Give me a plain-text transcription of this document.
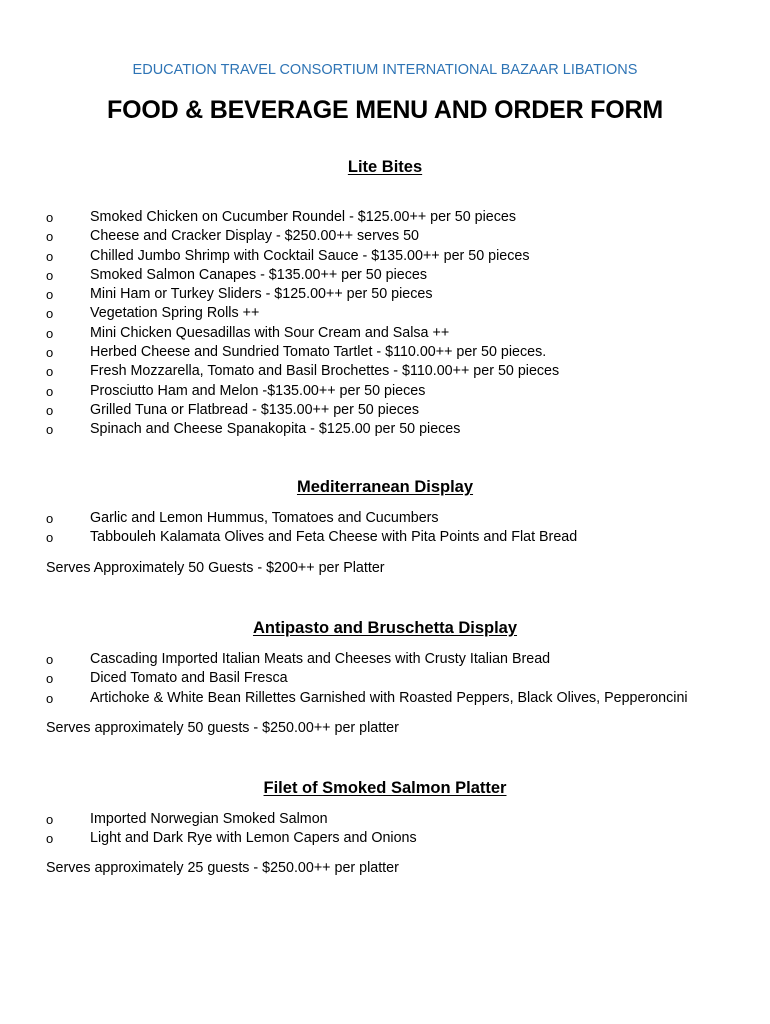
EDUCATION TRAVEL CONSORTIUM INTERNATIONAL BAZAAR LIBATIONS
FOOD & BEVERAGE MENU AND ORDER FORM
Lite Bites
o	Smoked Chicken on Cucumber Roundel - $125.00++ per 50 pieces
o	Cheese and Cracker Display - $250.00++ serves 50
o	Chilled Jumbo Shrimp with Cocktail Sauce - $135.00++ per 50 pieces
o	Smoked Salmon Canapes - $135.00++ per 50 pieces
o	Mini Ham or Turkey Sliders - $125.00++ per 50 pieces
o	Vegetation Spring Rolls ++
o	Mini Chicken Quesadillas with Sour Cream and Salsa ++
o	Herbed Cheese and Sundried Tomato Tartlet - $110.00++ per 50 pieces.
o	Fresh Mozzarella, Tomato and Basil Brochettes - $110.00++ per 50 pieces
o	Prosciutto Ham and Melon -$135.00++ per 50 pieces
o	Grilled Tuna or Flatbread - $135.00++ per 50 pieces
o	Spinach and Cheese Spanakopita - $125.00 per 50 pieces
Mediterranean Display
o	Garlic and Lemon Hummus, Tomatoes and Cucumbers
o	Tabbouleh Kalamata Olives and Feta Cheese with Pita Points and Flat Bread
Serves Approximately 50 Guests - $200++ per Platter
Antipasto and Bruschetta Display
o	Cascading Imported Italian Meats and Cheeses with Crusty Italian Bread
o	Diced Tomato and Basil Fresca
o	Artichoke & White Bean Rillettes Garnished with Roasted Peppers, Black Olives, Pepperoncini
Serves approximately 50 guests - $250.00++ per platter
Filet of Smoked Salmon Platter
o	Imported Norwegian Smoked Salmon
o	Light and Dark Rye with Lemon Capers and Onions
Serves approximately 25 guests - $250.00++ per platter
